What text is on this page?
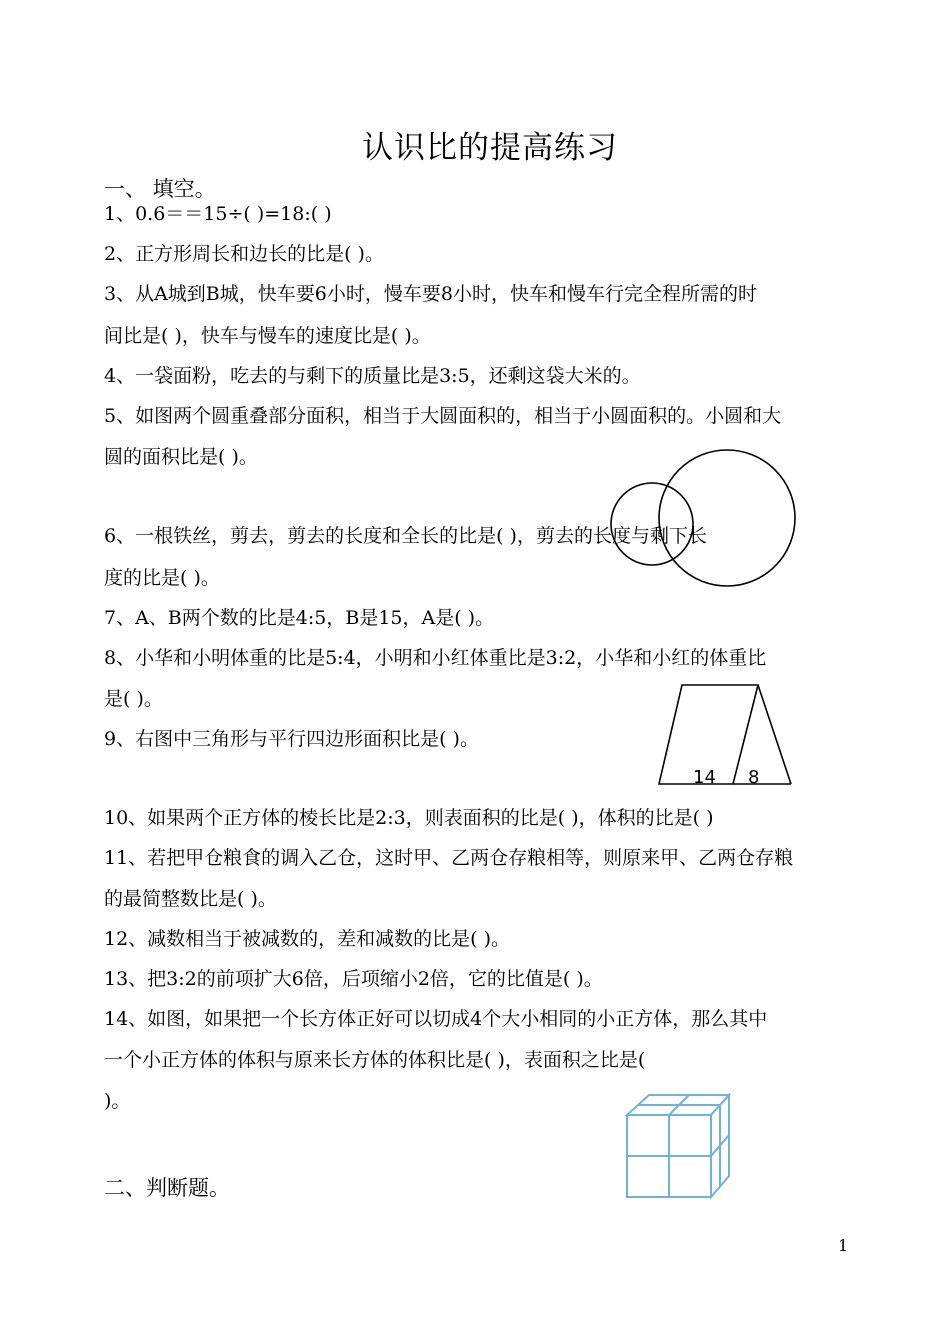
认识比的提高练习
一、 填空。
1、0.6＝＝15÷( )=18:( )
2、正方形周长和边长的比是( )。
3、从A城到B城，快车要6小时，慢车要8小时，快车和慢车行完全程所需的时
间比是( )，快车与慢车的速度比是( )。
4、一袋面粉，吃去的与剩下的质量比是3:5，还剩这袋大米的。
5、如图两个圆重叠部分面积，相当于大圆面积的，相当于小圆面积的。小圆和大
圆的面积比是( )。
6、一根铁丝，剪去，剪去的长度和全长的比是( )，剪去的长度与剩下长
度的比是( )。
7、A、B两个数的比是4:5，B是15，A是( )。
8、小华和小明体重的比是5:4，小明和小红体重比是3:2，小华和小红的体重比
是( )。
9、右图中三角形与平行四边形面积比是( )。
10、如果两个正方体的棱长比是2:3，则表面积的比是( )，体积的比是( )
11、若把甲仓粮食的调入乙仓，这时甲、乙两仓存粮相等，则原来甲、乙两仓存粮
的最简整数比是( )。
12、减数相当于被减数的，差和减数的比是( )。
13、把3:2的前项扩大6倍，后项缩小2倍，它的比值是( )。
14、如图，如果把一个长方体正好可以切成4个大小相同的小正方体，那么其中
一个小正方体的体积与原来长方体的体积比是( )，表面积之比是(
)。
二、判断题。
1
14 8
